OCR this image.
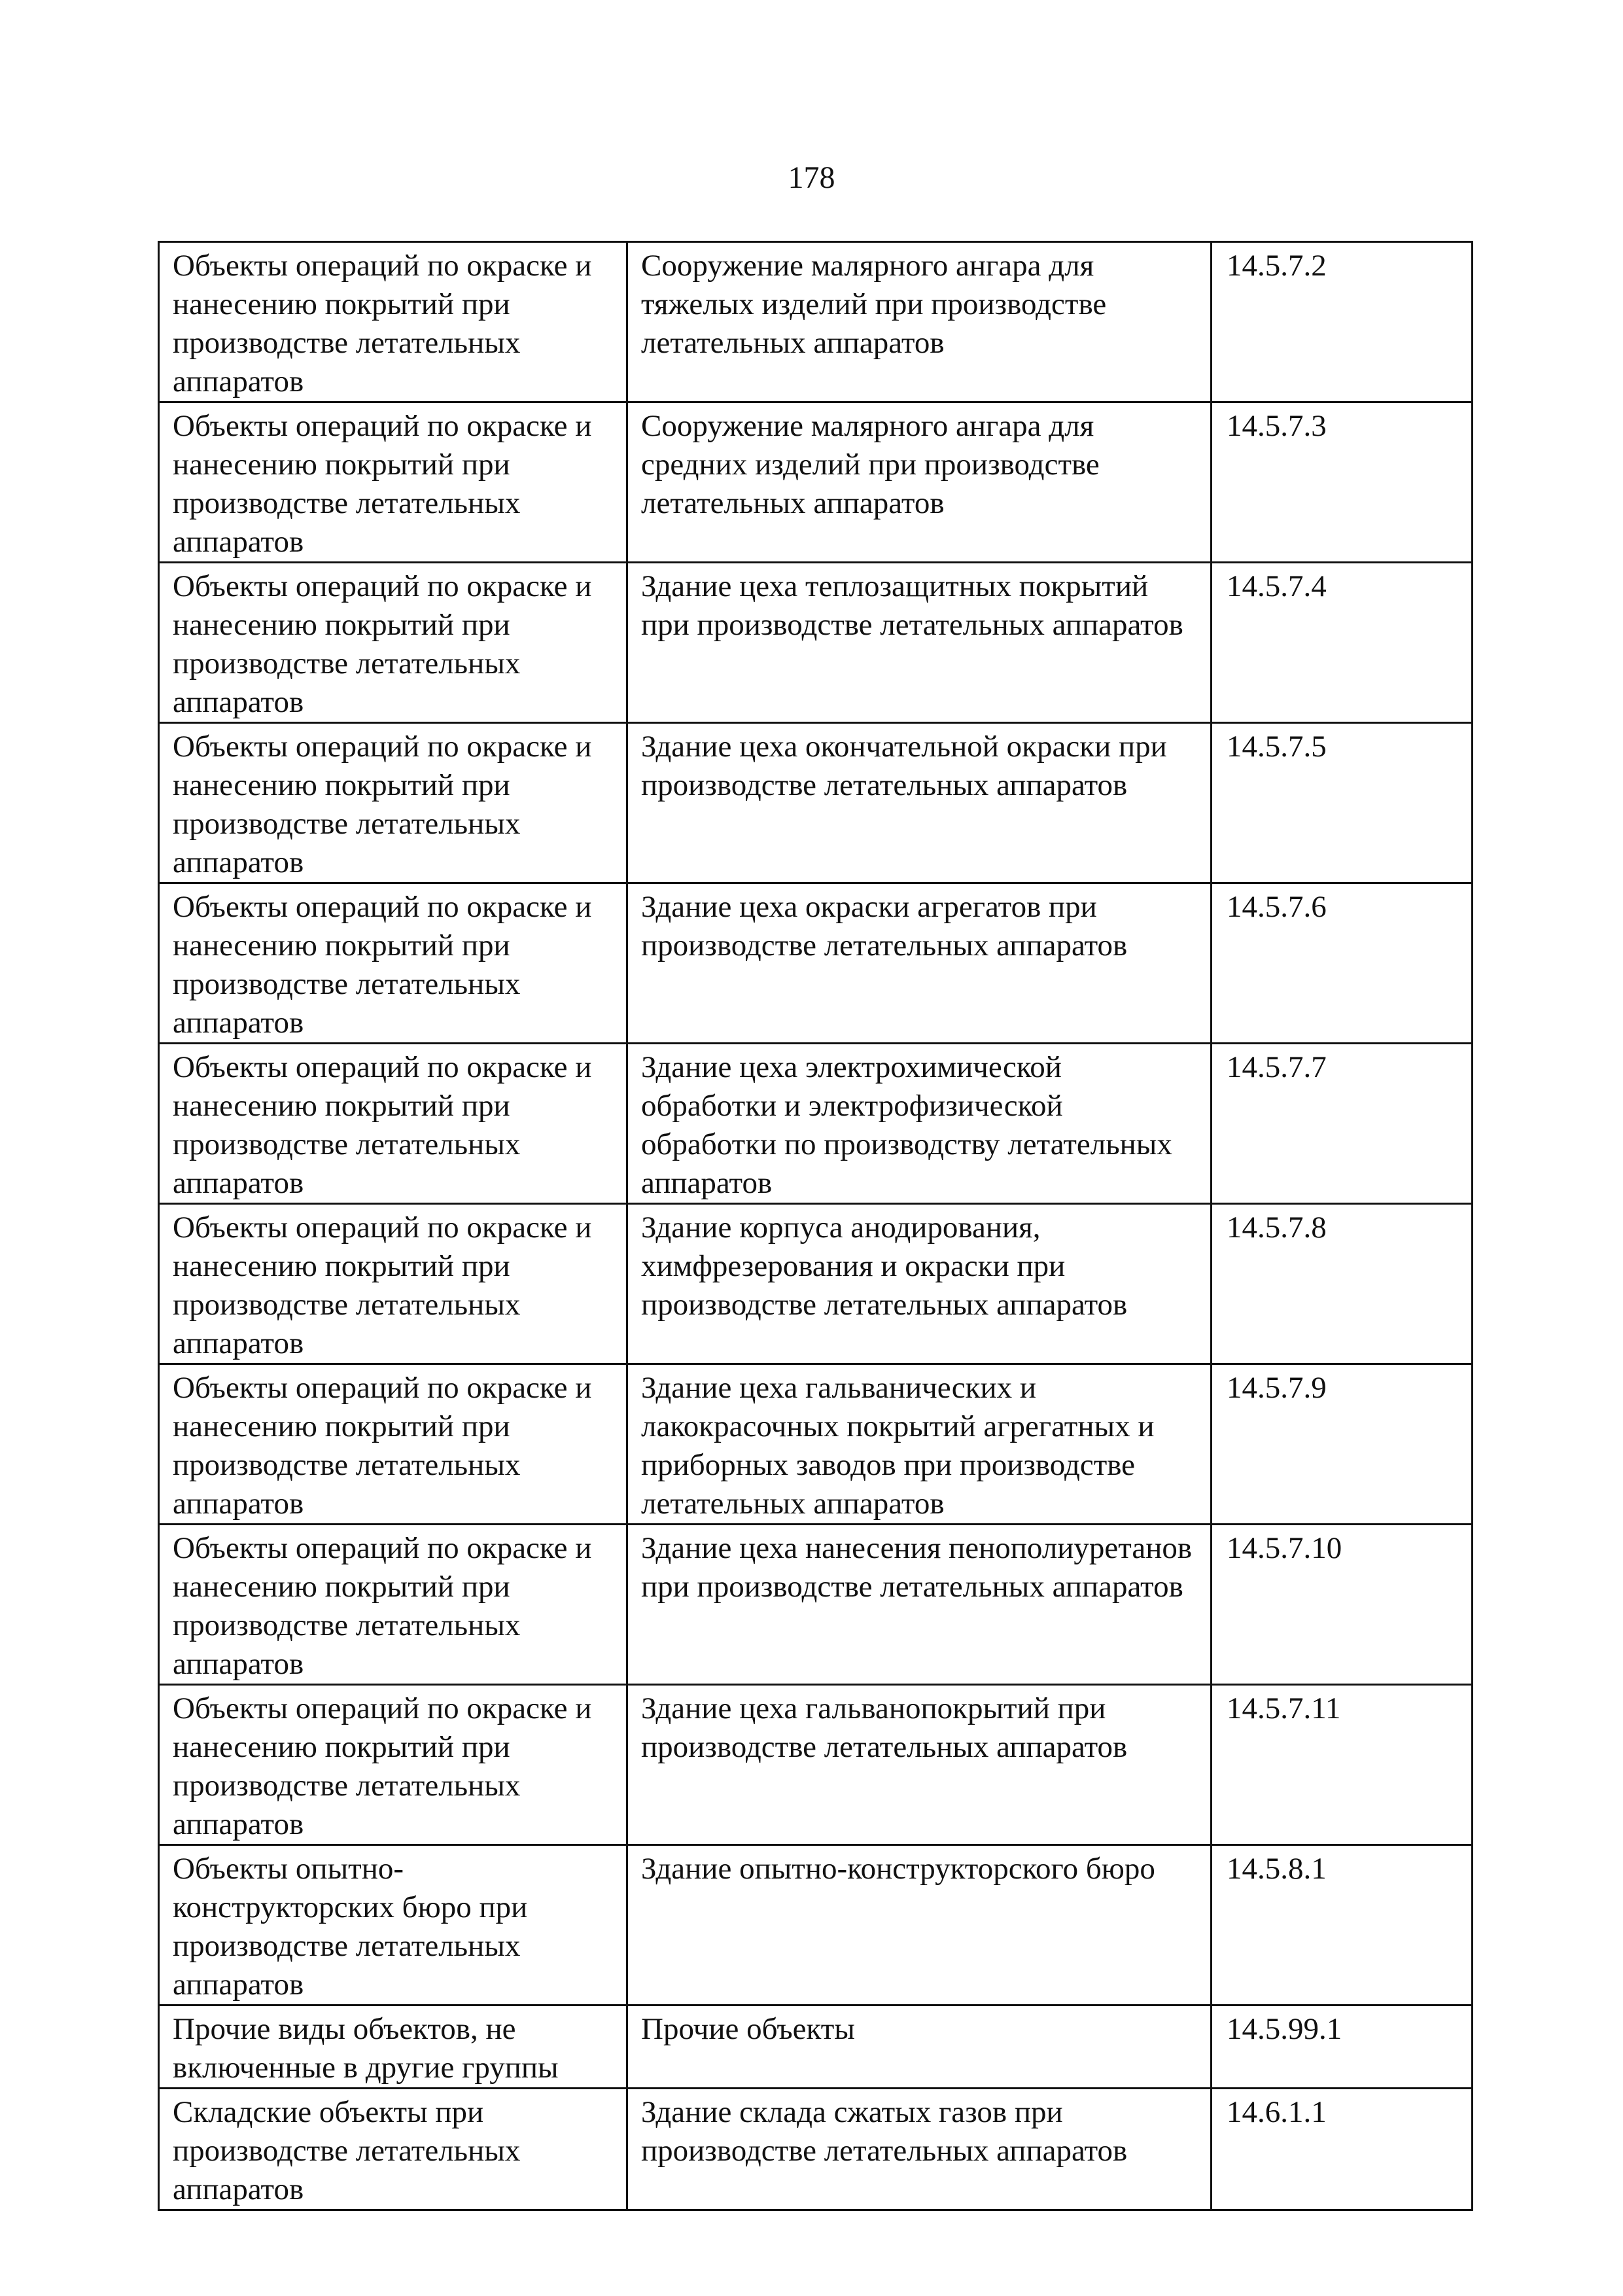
178
Объекты операций по окраске и нанесению покрытий при производстве летательных аппаратов	Сооружение малярного ангара для тяжелых изделий при производстве летательных аппаратов	14.5.7.2
Объекты операций по окраске и нанесению покрытий при производстве летательных аппаратов	Сооружение малярного ангара для средних изделий при производстве летательных аппаратов	14.5.7.3
Объекты операций по окраске и нанесению покрытий при производстве летательных аппаратов	Здание цеха теплозащитных покрытий при производстве летательных аппаратов	14.5.7.4
Объекты операций по окраске и нанесению покрытий при производстве летательных аппаратов	Здание цеха окончательной окраски при производстве летательных аппаратов	14.5.7.5
Объекты операций по окраске и нанесению покрытий при производстве летательных аппаратов	Здание цеха окраски агрегатов при производстве летательных аппаратов	14.5.7.6
Объекты операций по окраске и нанесению покрытий при производстве летательных аппаратов	Здание цеха электрохимической обработки и электрофизической обработки по производству летательных аппаратов	14.5.7.7
Объекты операций по окраске и нанесению покрытий при производстве летательных аппаратов	Здание корпуса анодирования, химфрезерования и окраски при производстве летательных аппаратов	14.5.7.8
Объекты операций по окраске и нанесению покрытий при производстве летательных аппаратов	Здание цеха гальванических и лакокрасочных покрытий агрегатных и приборных заводов при производстве летательных аппаратов	14.5.7.9
Объекты операций по окраске и нанесению покрытий при производстве летательных аппаратов	Здание цеха нанесения пенополиуретанов при производстве летательных аппаратов	14.5.7.10
Объекты операций по окраске и нанесению покрытий при производстве летательных аппаратов	Здание цеха гальванопокрытий при производстве летательных аппаратов	14.5.7.11
Объекты опытно-конструкторских бюро при производстве летательных аппаратов	Здание опытно-конструкторского бюро	14.5.8.1
Прочие виды объектов, не включенные в другие группы	Прочие объекты	14.5.99.1
Складские объекты при производстве летательных аппаратов	Здание склада сжатых газов при производстве летательных аппаратов	14.6.1.1
